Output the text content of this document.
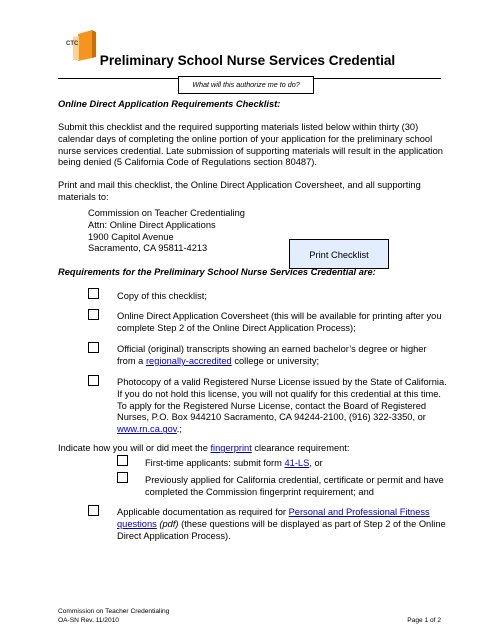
CTC
Preliminary School Nurse Services Credential
What will this authorize me to do?
Online Direct Application Requirements Checklist:
Submit this checklist and the required supporting materials listed below within thirty (30) calendar days of completing the online portion of your application for the preliminary school nurse services credential. Late submission of supporting materials will result in the application being denied (5 California Code of Regulations section 80487).
Print and mail this checklist, the Online Direct Application Coversheet, and all supporting materials to:
Commission on Teacher Credentialing
Attn: Online Direct Applications
1900 Capitol Avenue
Sacramento, CA 95811-4213
Print Checklist
Requirements for the Preliminary School Nurse Services Credential are:
Copy of this checklist;
Online Direct Application Coversheet (this will be available for printing after you complete Step 2 of the Online Direct Application Process);
Official (original) transcripts showing an earned bachelor’s degree or higher from a regionally-accredited college or university;
Photocopy of a valid Registered Nurse License issued by the State of California. If you do not hold this license, you will not qualify for this credential at this time. To apply for the Registered Nurse License, contact the Board of Registered Nurses, P.O. Box 944210 Sacramento, CA 94244-2100, (916) 322-3350, or www.rn.ca.gov.;
Indicate how you will or did meet the fingerprint clearance requirement:
First-time applicants: submit form 41-LS, or
Previously applied for California credential, certificate or permit and have completed the Commission fingerprint requirement; and
Applicable documentation as required for Personal and Professional Fitness questions (pdf) (these questions will be displayed as part of Step 2 of the Online Direct Application Process).
Commission on Teacher Credentialing
OA-SN Rev. 11/2010	Page 1 of 2
